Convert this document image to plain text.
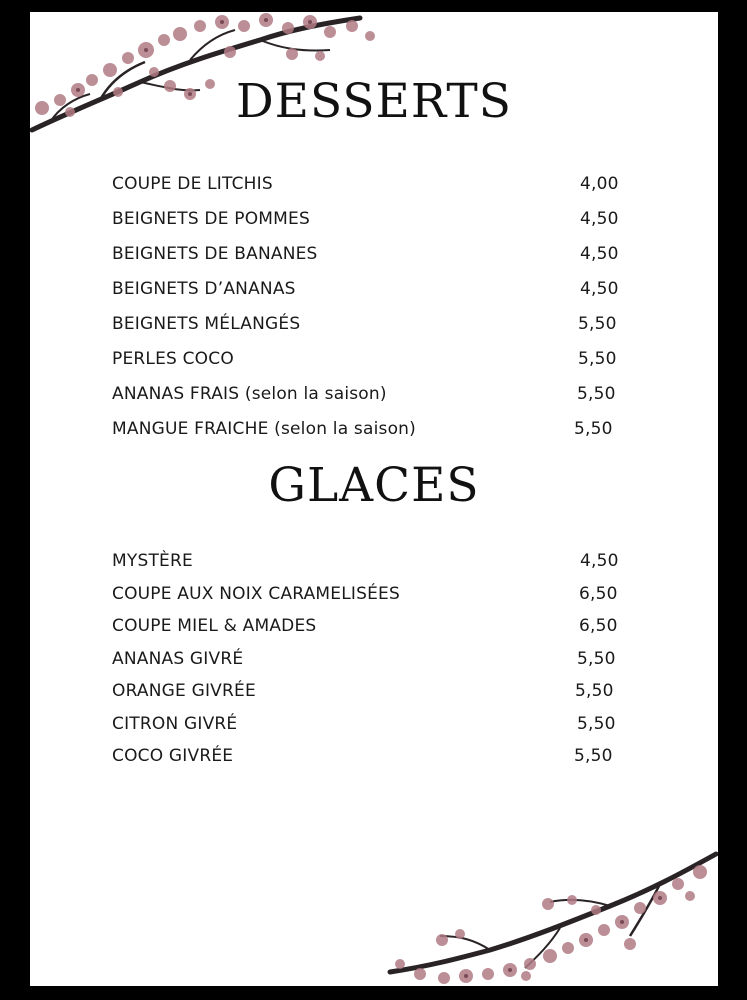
DESSERTS
COUPE DE LITCHIS	4,00
BEIGNETS DE POMMES	4,50
BEIGNETS DE BANANES	4,50
BEIGNETS D’ANANAS	4,50
BEIGNETS MÉLANGÉS	5,50
PERLES COCO	5,50
ANANAS FRAIS (selon la saison)	5,50
MANGUE FRAICHE (selon la saison)	5,50
GLACES
MYSTÈRE	4,50
COUPE AUX NOIX CARAMELISÉES	6,50
COUPE MIEL & AMADES	6,50
ANANAS GIVRÉ	5,50
ORANGE GIVRÉE	5,50
CITRON GIVRÉ	5,50
COCO GIVRÉE	5,50
